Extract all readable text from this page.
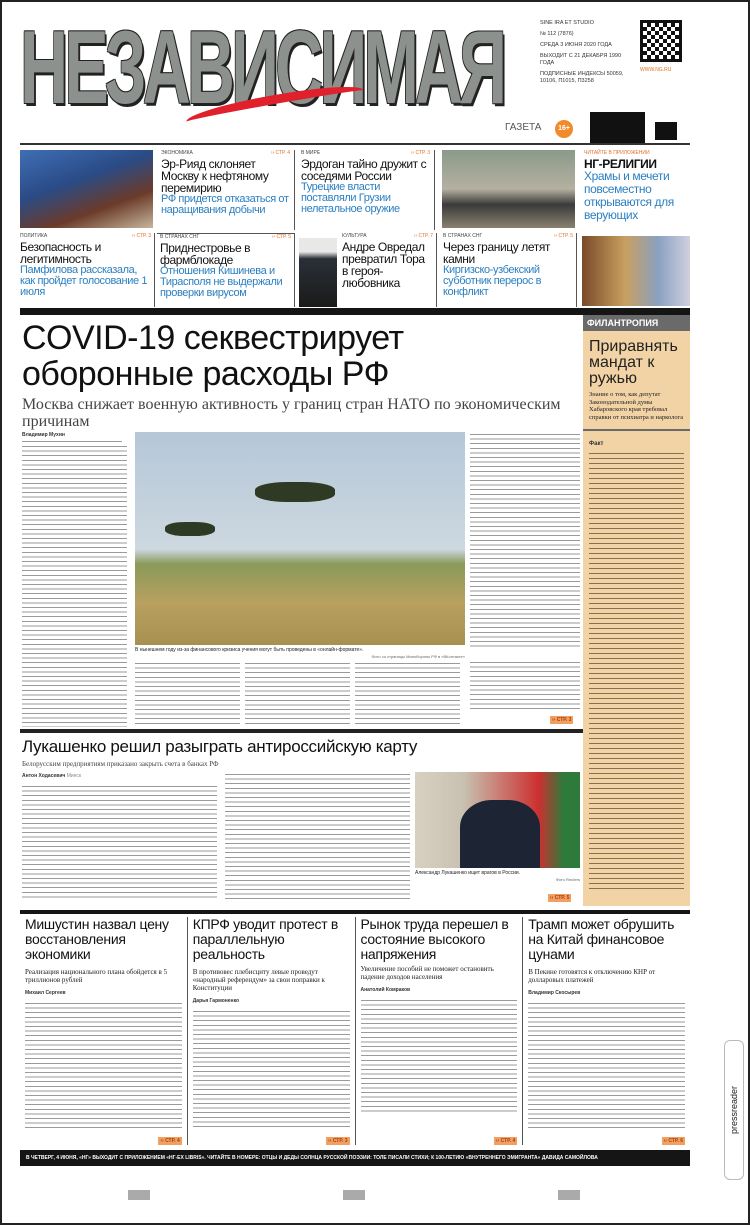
НЕЗАВИСИМАЯ	SINE IRA ET STUDIO
№ 112 (7876)
СРЕДА 3 ИЮНЯ 2020 ГОДА
ВЫХОДИТ С 21 ДЕКАБРЯ 1990 ГОДА
ПОДПИСНЫЕ ИНДЕКСЫ 50059, 10106, П1015, П3258
WWW.NG.RU
ГАЗЕТА	16+
ЭКОНОМИКА	›› СТР. 4
Эр-Рияд склоняет Москву к нефтяному перемирию
РФ придется отказаться от наращивания добычи
В МИРЕ	›› СТР. 3
Эрдоган тайно дружит с соседями России
Турецкие власти поставляли Грузии нелетальное оружие
ЧИТАЙТЕ В ПРИЛОЖЕНИИ
НГ-РЕЛИГИИ
Храмы и мечети повсеместно открываются для верующих
ПОЛИТИКА	›› СТР. 3
Безопасность и легитимность
Памфилова рассказала, как пройдет голосование 1 июля
В СТРАНАХ СНГ	›› СТР. 5
Приднестровье в фармблокаде
Отношения Кишинева и Тирасполя не выдержали проверки вирусом
КУЛЬТУРА	›› СТР. 7
Андре Овредал превратил Тора в героя-любовника
В СТРАНАХ СНГ	›› СТР. 5
Через границу летят камни
Киргизско-узбекский субботник перерос в конфликт
COVID-19 секвестрирует оборонные расходы РФ
Москва снижает военную активность у границ стран НАТО по экономическим причинам
Владимир Мухин
В нынешнем году из-за финансового кризиса учения могут быть проведены в «онлайн-формате».
Фото со страницы Минобороны РФ в «ВКонтакте»
›› СТР. 3
ФИЛАНТРОПИЯ
Приравнять мандат к ружью
Знание о том, как депутат Законодательной думы Хабаровского края требовал справки от психиатра и нарколога
Факт
Лукашенко решил разыграть антироссийскую карту
Белорусским предприятиям приказано закрыть счета в банках РФ
Антон Ходасевич Минск
Александр Лукашенко ищет врагов в России.
Фото Reuters
›› СТР. 5
Мишустин назвал цену восстановления экономики
Реализация национального плана обойдется в 5 триллионов рублей
Михаил Сергеев
›› СТР. 4
КПРФ уводит протест в параллельную реальность
В противовес плебисциту левые проведут «народный референдум» за свои поправки к Конституции
Дарья Гармоненко
›› СТР. 3
Рынок труда перешел в состояние высокого напряжения
Увеличение пособий не поможет остановить падение доходов населения
Анатолий Комраков
›› СТР. 4
Трамп может обрушить на Китай финансовое цунами
В Пекине готовятся к отключению КНР от долларовых платежей
Владимир Скосырев
›› СТР. 6
В ЧЕТВЕРГ, 4 ИЮНЯ, «НГ» ВЫХОДИТ С ПРИЛОЖЕНИЕМ «НГ-EX LIBRIS». ЧИТАЙТЕ В НОМЕРЕ: ОТЦЫ И ДЕДЫ СОЛНЦА РУССКОЙ ПОЭЗИИ: ТОЛЕ ПИСАЛИ СТИХИ; К 100-ЛЕТИЮ «ВНУТРЕННЕГО ЭМИГРАНТА» ДАВИДА САМОЙЛОВА
pressreader
